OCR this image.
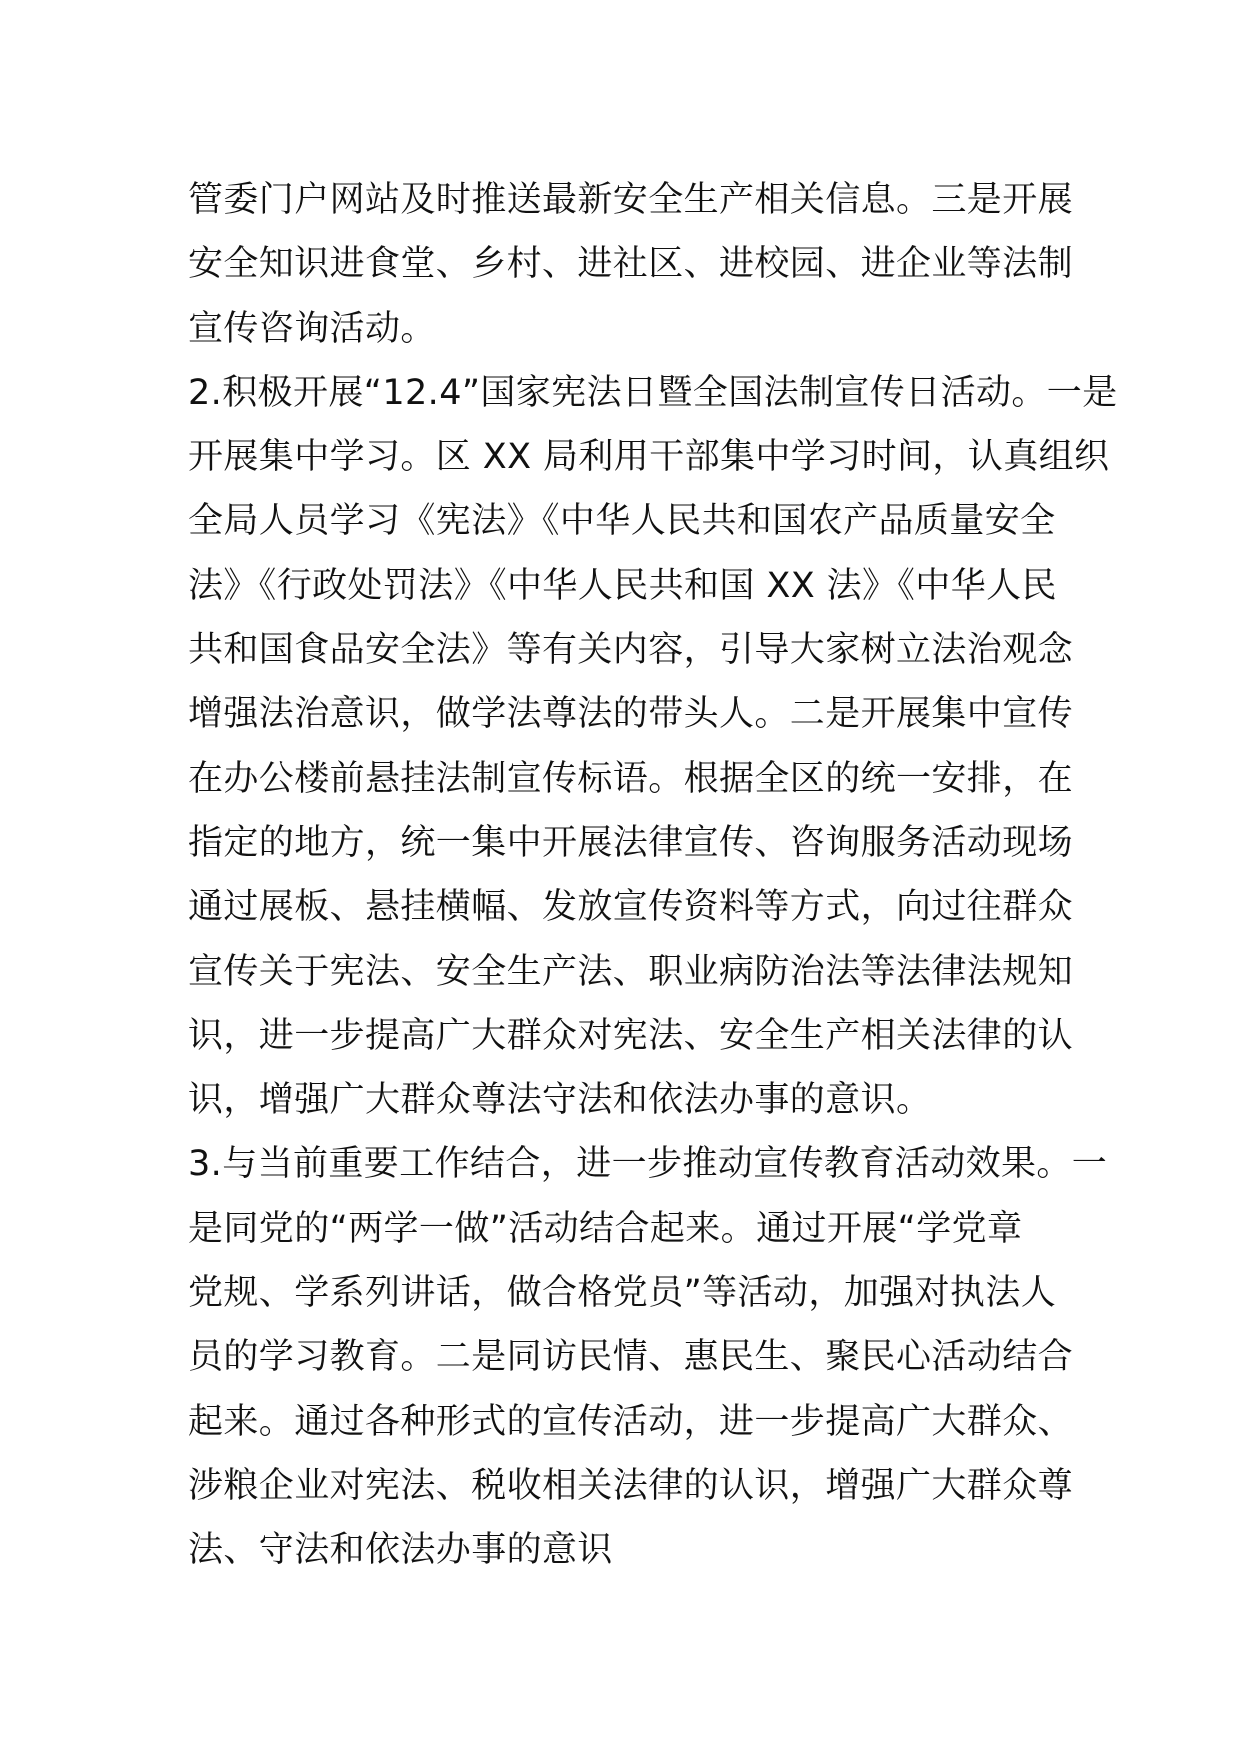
管委门户网站及时推送最新安全生产相关信息。三是开展
安全知识进食堂、乡村、进社区、进校园、进企业等法制
宣传咨询活动。
2.积极开展“12.4”国家宪法日暨全国法制宣传日活动。一是
开展集中学习。区 XX 局利用干部集中学习时间，认真组织
全局人员学习《宪法》《中华人民共和国农产品质量安全
法》《行政处罚法》《中华人民共和国 XX 法》《中华人民
共和国食品安全法》等有关内容，引导大家树立法治观念
增强法治意识，做学法尊法的带头人。二是开展集中宣传
在办公楼前悬挂法制宣传标语。根据全区的统一安排，在
指定的地方，统一集中开展法律宣传、咨询服务活动现场
通过展板、悬挂横幅、发放宣传资料等方式，向过往群众
宣传关于宪法、安全生产法、职业病防治法等法律法规知
识，进一步提高广大群众对宪法、安全生产相关法律的认
识，增强广大群众尊法守法和依法办事的意识。
3.与当前重要工作结合，进一步推动宣传教育活动效果。一
是同党的“两学一做”活动结合起来。通过开展“学党章
党规、学系列讲话，做合格党员”等活动，加强对执法人
员的学习教育。二是同访民情、惠民生、聚民心活动结合
起来。通过各种形式的宣传活动，进一步提高广大群众、
涉粮企业对宪法、税收相关法律的认识，增强广大群众尊
法、守法和依法办事的意识
